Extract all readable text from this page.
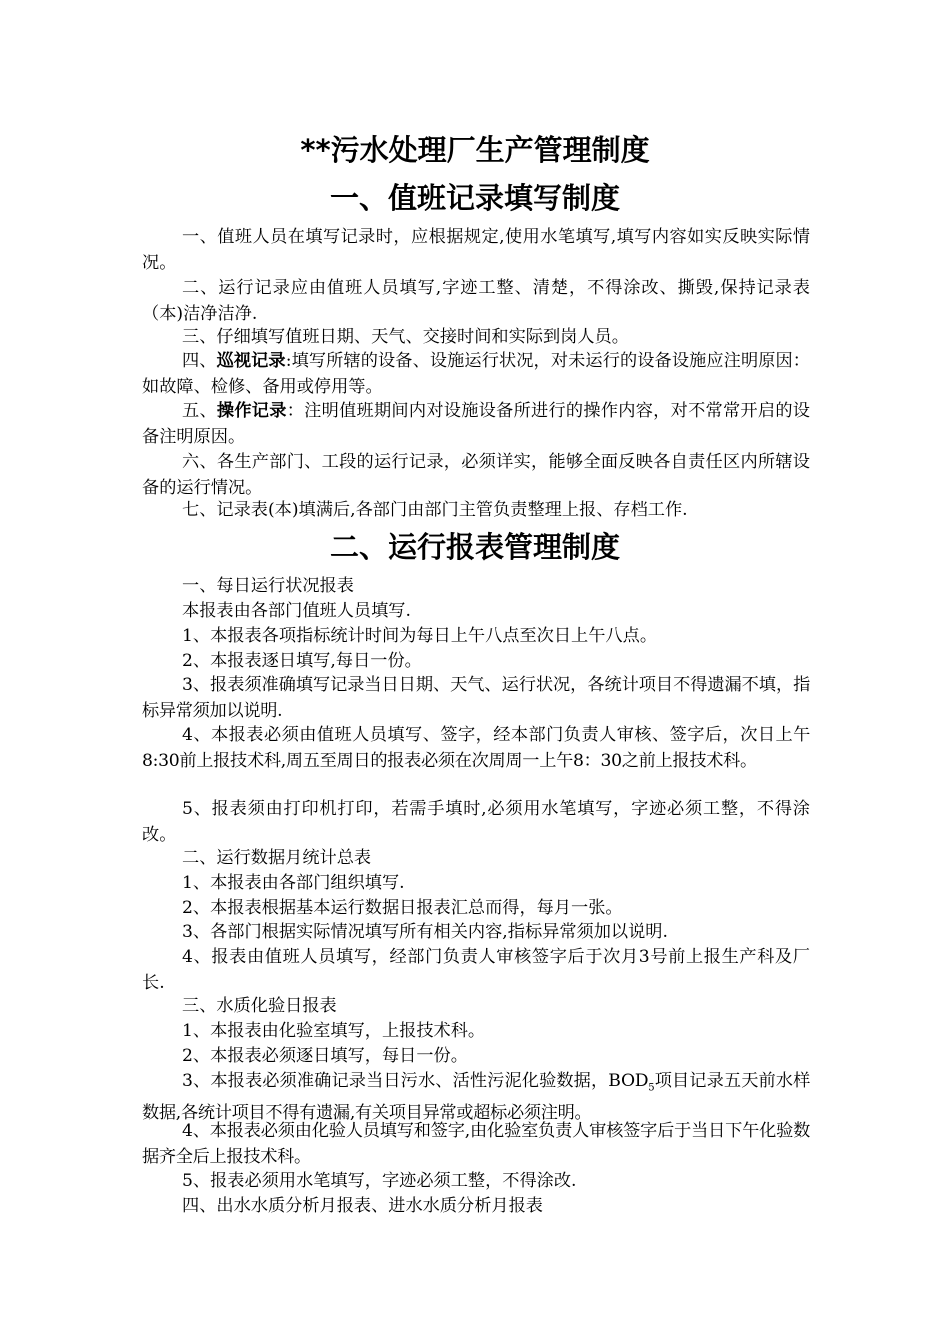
**污水处理厂生产管理制度
一、值班记录填写制度
一、值班人员在填写记录时，应根据规定,使用水笔填写,填写内容如实反映实际情况。
二、运行记录应由值班人员填写,字迹工整、清楚，不得涂改、撕毁,保持记录表（本)洁净洁净.
三、仔细填写值班日期、天气、交接时间和实际到岗人员。
四、巡视记录:填写所辖的设备、设施运行状况，对未运行的设备设施应注明原因：如故障、检修、备用或停用等。
五、操作记录：注明值班期间内对设施设备所进行的操作内容，对不常常开启的设备注明原因。
六、各生产部门、工段的运行记录，必须详实，能够全面反映各自责任区内所辖设备的运行情况。
七、记录表(本)填满后,各部门由部门主管负责整理上报、存档工作.
二、运行报表管理制度
一、每日运行状况报表
本报表由各部门值班人员填写.
1、本报表各项指标统计时间为每日上午八点至次日上午八点。
2、本报表逐日填写,每日一份。
3、报表须准确填写记录当日日期、天气、运行状况，各统计项目不得遗漏不填，指标异常须加以说明.
4、本报表必须由值班人员填写、签字，经本部门负责人审核、签字后，次日上午8:30前上报技术科,周五至周日的报表必须在次周周一上午8：30之前上报技术科。
5、报表须由打印机打印，若需手填时,必须用水笔填写，字迹必须工整，不得涂改。
二、运行数据月统计总表
1、本报表由各部门组织填写.
2、本报表根据基本运行数据日报表汇总而得，每月一张。
3、各部门根据实际情况填写所有相关内容,指标异常须加以说明.
4、报表由值班人员填写，经部门负责人审核签字后于次月3号前上报生产科及厂长.
三、水质化验日报表
1、本报表由化验室填写，上报技术科。
2、本报表必须逐日填写，每日一份。
3、本报表必须准确记录当日污水、活性污泥化验数据，$BOD_5$项目记录五天前水样数据,各统计项目不得有遗漏,有关项目异常或超标必须注明。
4、本报表必须由化验人员填写和签字,由化验室负责人审核签字后于当日下午化验数据齐全后上报技术科。
5、报表必须用水笔填写，字迹必须工整，不得涂改.
四、出水水质分析月报表、进水水质分析月报表
